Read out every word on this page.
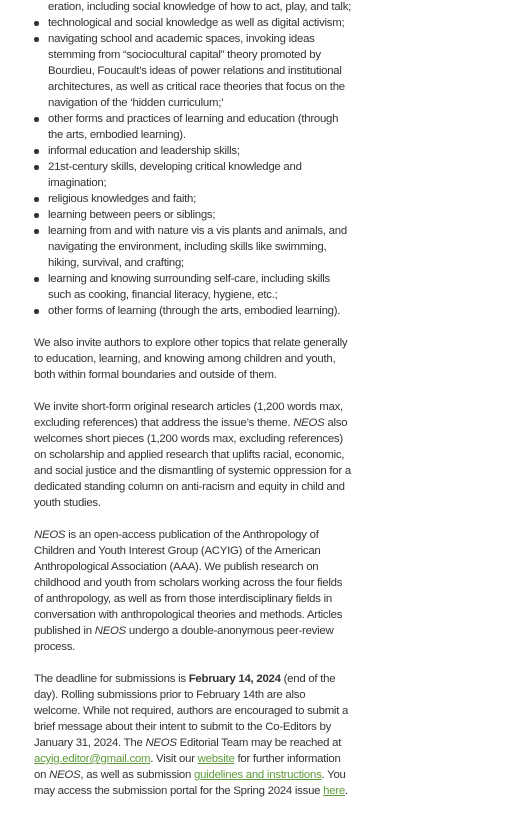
eration, including social knowledge of how to act, play, and talk;
technological and social knowledge as well as digital activism;
navigating school and academic spaces, invoking ideas stemming from “sociocultural capital” theory promoted by Bourdieu, Foucault’s ideas of power relations and institutional architectures, as well as critical race theories that focus on the navigation of the ‘hidden curriculum;’
other forms and practices of learning and education (through the arts, embodied learning).
informal education and leadership skills;
21st-century skills, developing critical knowledge and imagination;
religious knowledges and faith;
learning between peers or siblings;
learning from and with nature vis a vis plants and animals, and navigating the environment, including skills like swimming, hiking, survival, and crafting;
learning and knowing surrounding self-care, including skills such as cooking, financial literacy, hygiene, etc.;
other forms of learning (through the arts, embodied learning).

We also invite authors to explore other topics that relate generally to education, learning, and knowing among children and youth, both within formal boundaries and outside of them.

We invite short-form original research articles (1,200 words max, excluding references) that address the issue’s theme. NEOS also welcomes short pieces (1,200 words max, excluding references) on scholarship and applied research that uplifts racial, economic, and social justice and the dismantling of systemic oppression for a dedicated standing column on anti-racism and equity in child and youth studies.

NEOS is an open-access publication of the Anthropology of Children and Youth Interest Group (ACYIG) of the American Anthropological Association (AAA). We publish research on childhood and youth from scholars working across the four fields of anthropology, as well as from those interdisciplinary fields in conversation with anthropological theories and methods. Articles published in NEOS undergo a double-anonymous peer-review process.

The deadline for submissions is February 14, 2024 (end of the day). Rolling submissions prior to February 14th are also welcome. While not required, authors are encouraged to submit a brief message about their intent to submit to the Co-Editors by January 31, 2024. The NEOS Editorial Team may be reached at acyig.editor@gmail.com. Visit our website for further information on NEOS, as well as submission guidelines and instructions. You may access the submission portal for the Spring 2024 issue here.
